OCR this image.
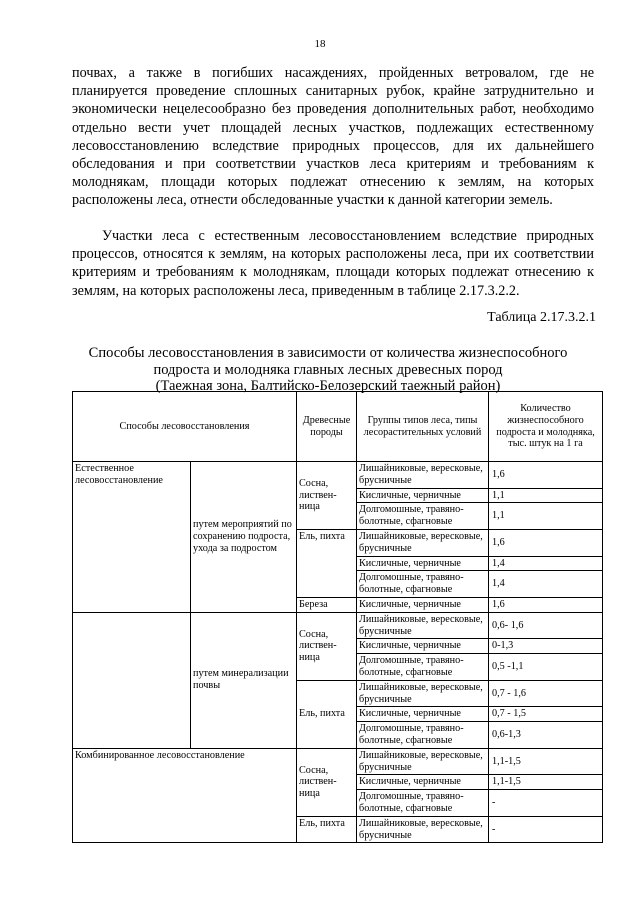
18

почвах, а также в погибших насаждениях, пройденных ветровалом, где не планируется проведение сплошных санитарных рубок, крайне затруднительно и экономически нецелесообразно без проведения дополнительных работ, необходимо отдельно вести учет площадей лесных участков, подлежащих естественному лесовосстановлению вследствие природных процессов, для их дальнейшего обследования и при соответствии участков леса критериям и требованиям к молоднякам, площади которых подлежат отнесению к землям, на которых расположены леса, отнести обследованные участки к данной категории земель.

Участки леса с естественным лесовосстановлением вследствие природных процессов, относятся к землям, на которых расположены леса, при их соответствии критериям и требованиям к молоднякам, площади которых подлежат отнесению к землям, на которых расположены леса, приведенным в таблице 2.17.3.2.2.

Таблица 2.17.3.2.1

Способы лесовосстановления в зависимости от количества жизнеспособного
подроста и молодняка главных лесных древесных пород
(Таежная зона, Балтийско-Белозерский таежный район)

Способы лесовосстановления		Древесные породы	Группы типов леса, типы лесорастительных условий	Количество жизнеспособного подроста и молодняка, тыс. штук на 1 га
Естественное лесовосстановление	путем мероприятий по сохранению подроста, ухода за подростом	Сосна, листвен-ница	Лишайниковые, вересковые, брусничные	1,6
			Кисличные, черничные	1,1
			Долгомошные, травяно-болотные, сфагновые	1,1
		Ель, пихта	Лишайниковые, вересковые, брусничные	1,6
			Кисличные, черничные	1,4
			Долгомошные, травяно-болотные, сфагновые	1,4
		Береза	Кисличные, черничные	1,6
	путем минерализации почвы	Сосна, листвен-ница	Лишайниковые, вересковые, брусничные	0,6- 1,6
			Кисличные, черничные	0-1,3
			Долгомошные, травяно-болотные, сфагновые	0,5 -1,1
		Ель, пихта	Лишайниковые, вересковые, брусничные	0,7 - 1,6
			Кисличные, черничные	0,7 - 1,5
			Долгомошные, травяно-болотные, сфагновые	0,6-1,3
Комбинированное лесовосстановление		Сосна, листвен-ница	Лишайниковые, вересковые, брусничные	1,1-1,5
			Кисличные, черничные	1,1-1,5
			Долгомошные, травяно-болотные, сфагновые	-
		Ель, пихта	Лишайниковые, вересковые, брусничные	-
